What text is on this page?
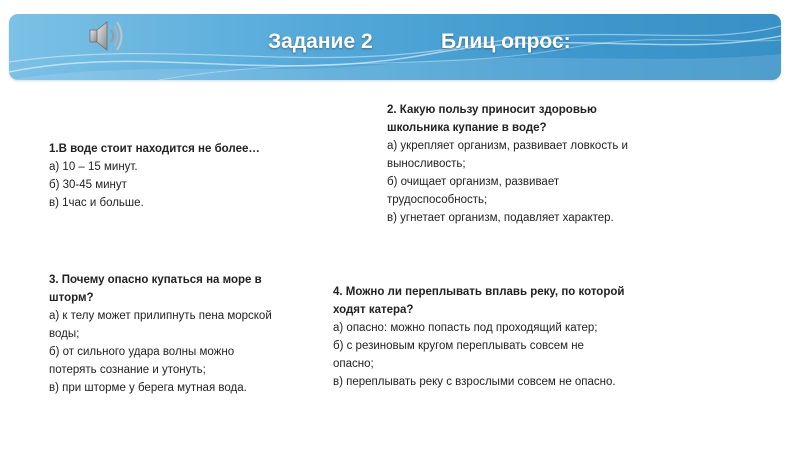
Задание 2	Блиц опрос:
1.В воде стоит находится не более…
а) 10 – 15 минут.
б) 30-45 минут
в) 1час и больше.
2. Какую пользу приносит здоровью
школьника купание в воде?
а) укрепляет организм, развивает ловкость и
выносливость;
б) очищает организм, развивает
трудоспособность;
в) угнетает организм, подавляет характер.
3. Почему опасно купаться на море в
шторм?
а) к телу может прилипнуть пена морской
воды;
б) от сильного удара волны можно
потерять сознание и утонуть;
в) при шторме у берега мутная вода.
4. Можно ли переплывать вплавь реку, по которой
ходят катера?
а) опасно: можно попасть под проходящий катер;
б) с резиновым кругом переплывать совсем не
опасно;
в) переплывать реку с взрослыми совсем не опасно.
